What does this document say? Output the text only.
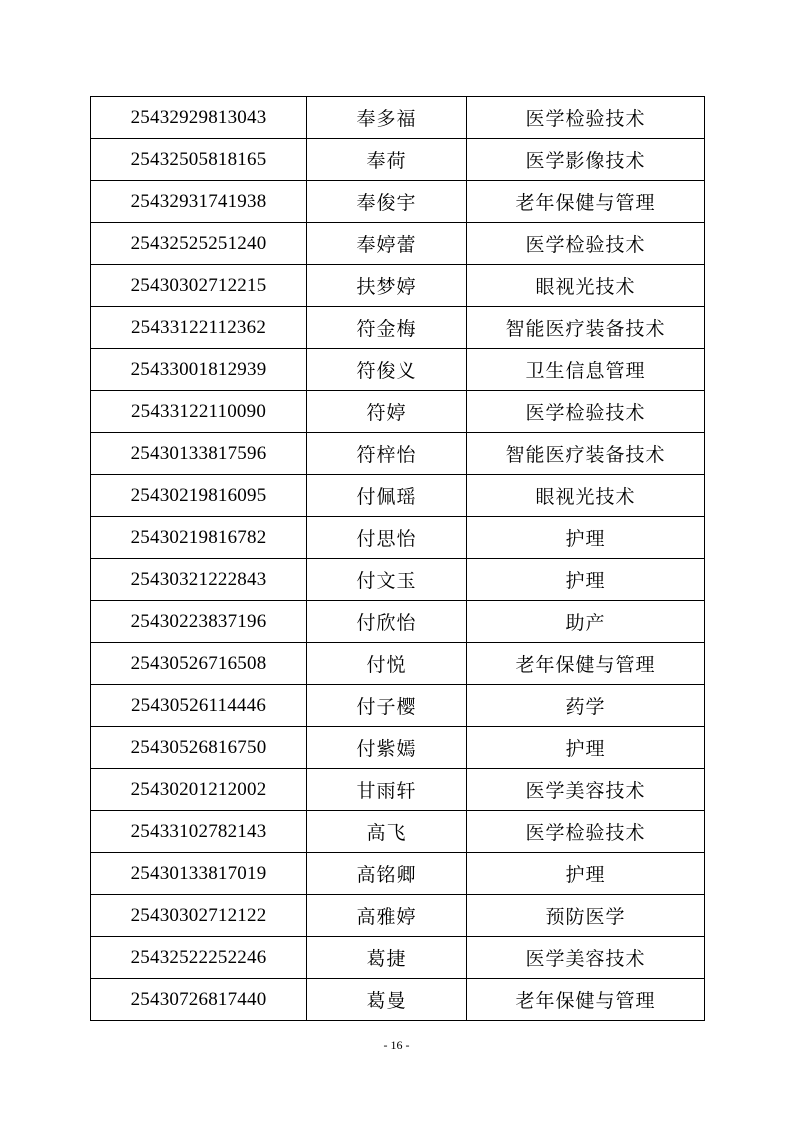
25432929813043	奉多福	医学检验技术
25432505818165	奉荷	医学影像技术
25432931741938	奉俊宇	老年保健与管理
25432525251240	奉婷蕾	医学检验技术
25430302712215	扶梦婷	眼视光技术
25433122112362	符金梅	智能医疗装备技术
25433001812939	符俊义	卫生信息管理
25433122110090	符婷	医学检验技术
25430133817596	符梓怡	智能医疗装备技术
25430219816095	付佩瑶	眼视光技术
25430219816782	付思怡	护理
25430321222843	付文玉	护理
25430223837196	付欣怡	助产
25430526716508	付悦	老年保健与管理
25430526114446	付子樱	药学
25430526816750	付紫嫣	护理
25430201212002	甘雨轩	医学美容技术
25433102782143	高飞	医学检验技术
25430133817019	高铭卿	护理
25430302712122	高雅婷	预防医学
25432522252246	葛捷	医学美容技术
25430726817440	葛曼	老年保健与管理
- 16 -
